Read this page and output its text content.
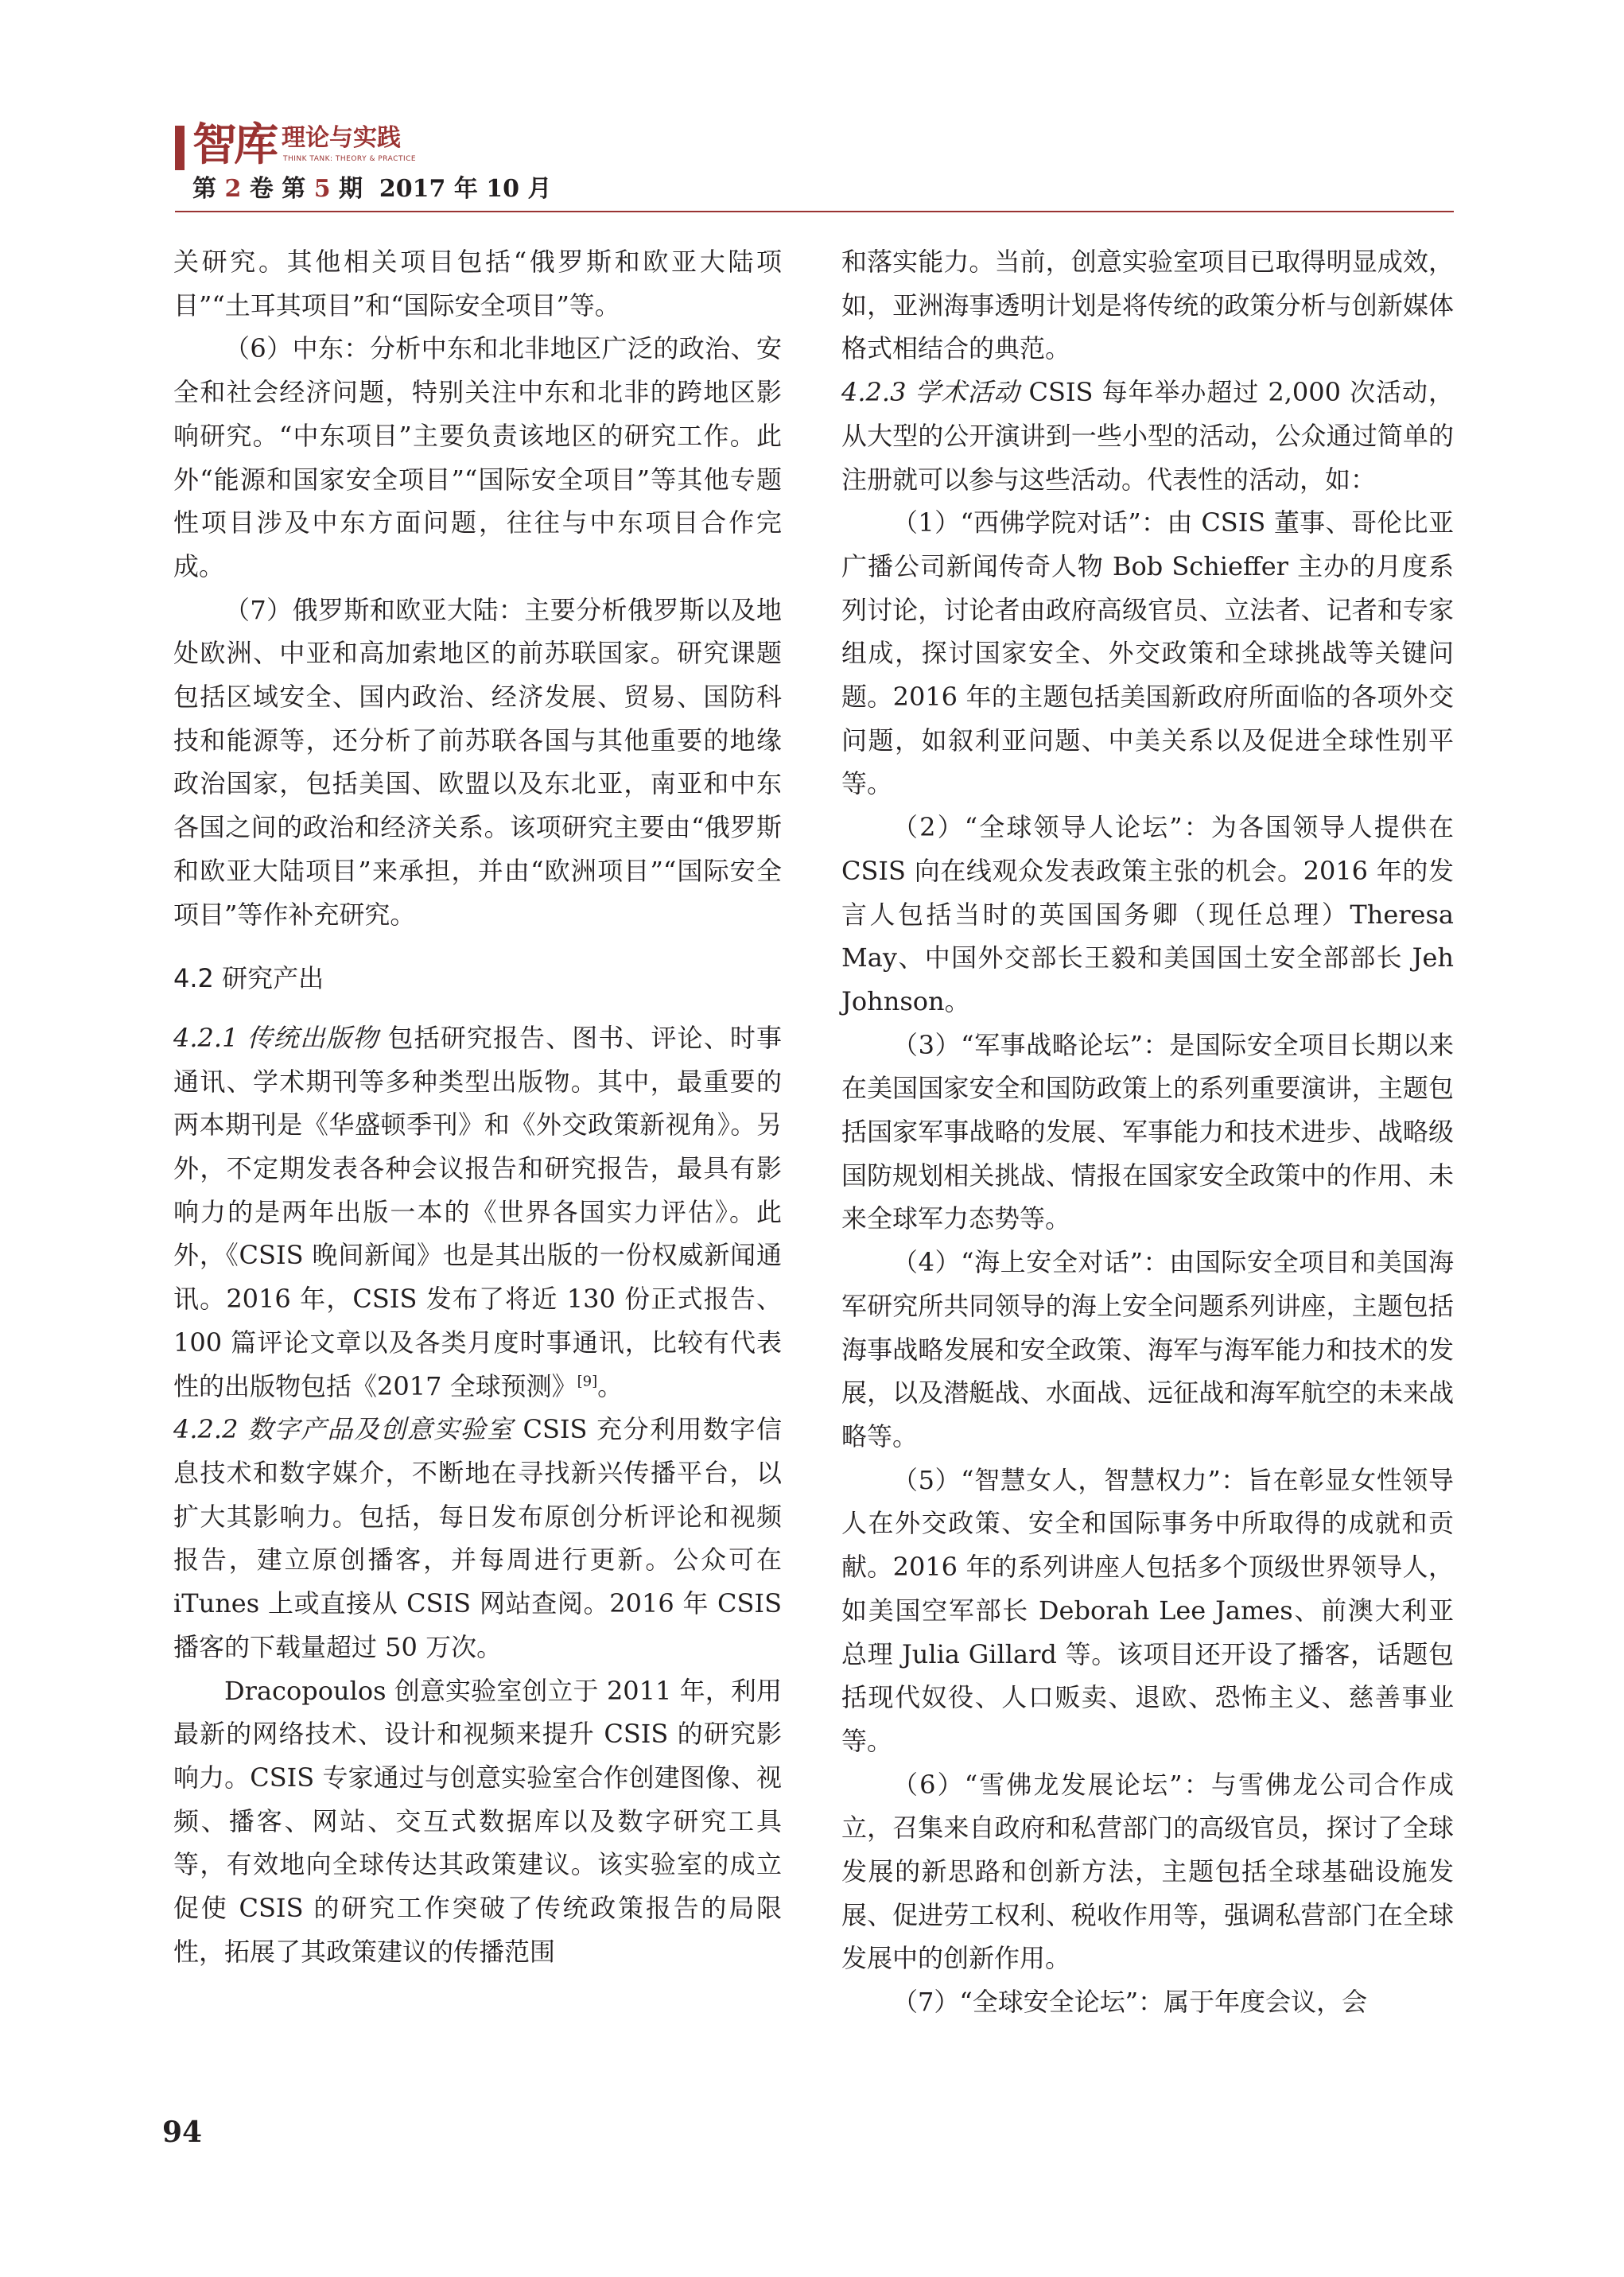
智库 理论与实践
THINK TANK: THEORY & PRACTICE
第 2 卷 第 5 期 2017 年 10 月

关研究。其他相关项目包括“俄罗斯和欧亚大陆项目”“土耳其项目”和“国际安全项目”等。

（6）中东：分析中东和北非地区广泛的政治、安全和社会经济问题，特别关注中东和北非的跨地区影响研究。“中东项目”主要负责该地区的研究工作。此外“能源和国家安全项目”“国际安全项目”等其他专题性项目涉及中东方面问题，往往与中东项目合作完成。

（7）俄罗斯和欧亚大陆：主要分析俄罗斯以及地处欧洲、中亚和高加索地区的前苏联国家。研究课题包括区域安全、国内政治、经济发展、贸易、国防科技和能源等，还分析了前苏联各国与其他重要的地缘政治国家，包括美国、欧盟以及东北亚，南亚和中东各国之间的政治和经济关系。该项研究主要由“俄罗斯和欧亚大陆项目”来承担，并由“欧洲项目”“国际安全项目”等作补充研究。

4.2 研究产出

4.2.1 传统出版物 包括研究报告、图书、评论、时事通讯、学术期刊等多种类型出版物。其中，最重要的两本期刊是《华盛顿季刊》和《外交政策新视角》。另外，不定期发表各种会议报告和研究报告，最具有影响力的是两年出版一本的《世界各国实力评估》。此外，《CSIS 晚间新闻》也是其出版的一份权威新闻通讯。2016 年，CSIS 发布了将近 130 份正式报告、100 篇评论文章以及各类月度时事通讯，比较有代表性的出版物包括《2017 全球预测》[9]。

4.2.2 数字产品及创意实验室 CSIS 充分利用数字信息技术和数字媒介，不断地在寻找新兴传播平台，以扩大其影响力。包括，每日发布原创分析评论和视频报告，建立原创播客，并每周进行更新。公众可在 iTunes 上或直接从 CSIS 网站查阅。2016 年 CSIS 播客的下载量超过 50 万次。

Dracopoulos 创意实验室创立于 2011 年，利用最新的网络技术、设计和视频来提升 CSIS 的研究影响力。CSIS 专家通过与创意实验室合作创建图像、视频、播客、网站、交互式数据库以及数字研究工具等，有效地向全球传达其政策建议。该实验室的成立促使 CSIS 的研究工作突破了传统政策报告的局限性，拓展了其政策建议的传播范围

和落实能力。当前，创意实验室项目已取得明显成效，如，亚洲海事透明计划是将传统的政策分析与创新媒体格式相结合的典范。

4.2.3 学术活动 CSIS 每年举办超过 2,000 次活动，从大型的公开演讲到一些小型的活动，公众通过简单的注册就可以参与这些活动。代表性的活动，如：

（1）“西佛学院对话”：由 CSIS 董事、哥伦比亚广播公司新闻传奇人物 Bob Schieffer 主办的月度系列讨论，讨论者由政府高级官员、立法者、记者和专家组成，探讨国家安全、外交政策和全球挑战等关键问题。2016 年的主题包括美国新政府所面临的各项外交问题，如叙利亚问题、中美关系以及促进全球性别平等。

（2）“全球领导人论坛”：为各国领导人提供在 CSIS 向在线观众发表政策主张的机会。2016 年的发言人包括当时的英国国务卿（现任总理）Theresa May、中国外交部长王毅和美国国土安全部部长 Jeh Johnson。

（3）“军事战略论坛”：是国际安全项目长期以来在美国国家安全和国防政策上的系列重要演讲，主题包括国家军事战略的发展、军事能力和技术进步、战略级国防规划相关挑战、情报在国家安全政策中的作用、未来全球军力态势等。

（4）“海上安全对话”：由国际安全项目和美国海军研究所共同领导的海上安全问题系列讲座，主题包括海事战略发展和安全政策、海军与海军能力和技术的发展，以及潜艇战、水面战、远征战和海军航空的未来战略等。

（5）“智慧女人，智慧权力”：旨在彰显女性领导人在外交政策、安全和国际事务中所取得的成就和贡献。2016 年的系列讲座人包括多个顶级世界领导人，如美国空军部长 Deborah Lee James、前澳大利亚总理 Julia Gillard 等。该项目还开设了播客，话题包括现代奴役、人口贩卖、退欧、恐怖主义、慈善事业等。

（6）“雪佛龙发展论坛”：与雪佛龙公司合作成立，召集来自政府和私营部门的高级官员，探讨了全球发展的新思路和创新方法，主题包括全球基础设施发展、促进劳工权利、税收作用等，强调私营部门在全球发展中的创新作用。

（7）“全球安全论坛”：属于年度会议，会

94
